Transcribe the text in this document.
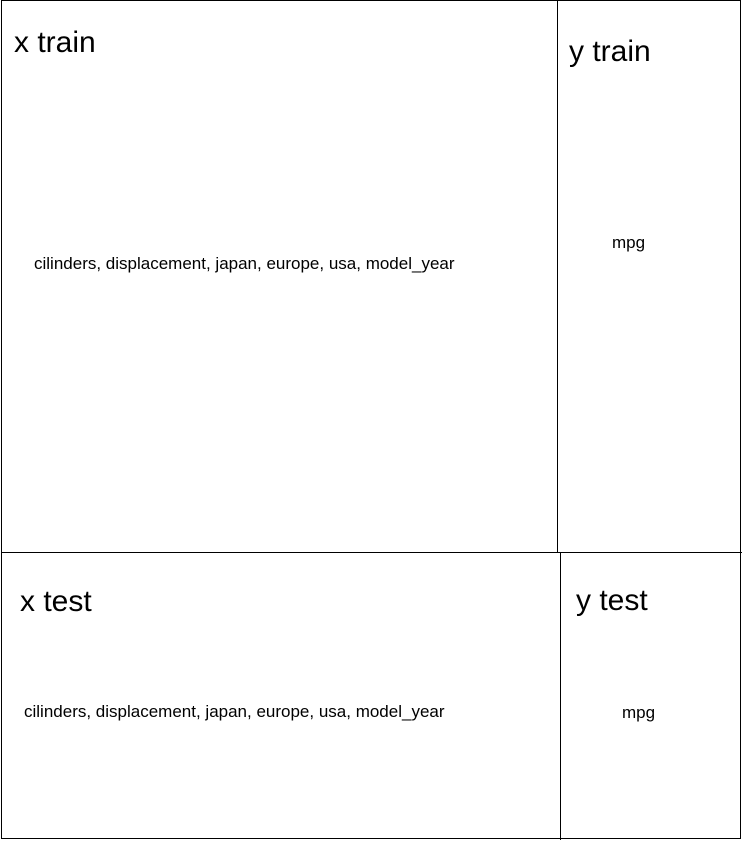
x train
cilinders, displacement, japan, europe, usa, model_year
y train
mpg
x test
cilinders, displacement, japan, europe, usa, model_year
y test
mpg
